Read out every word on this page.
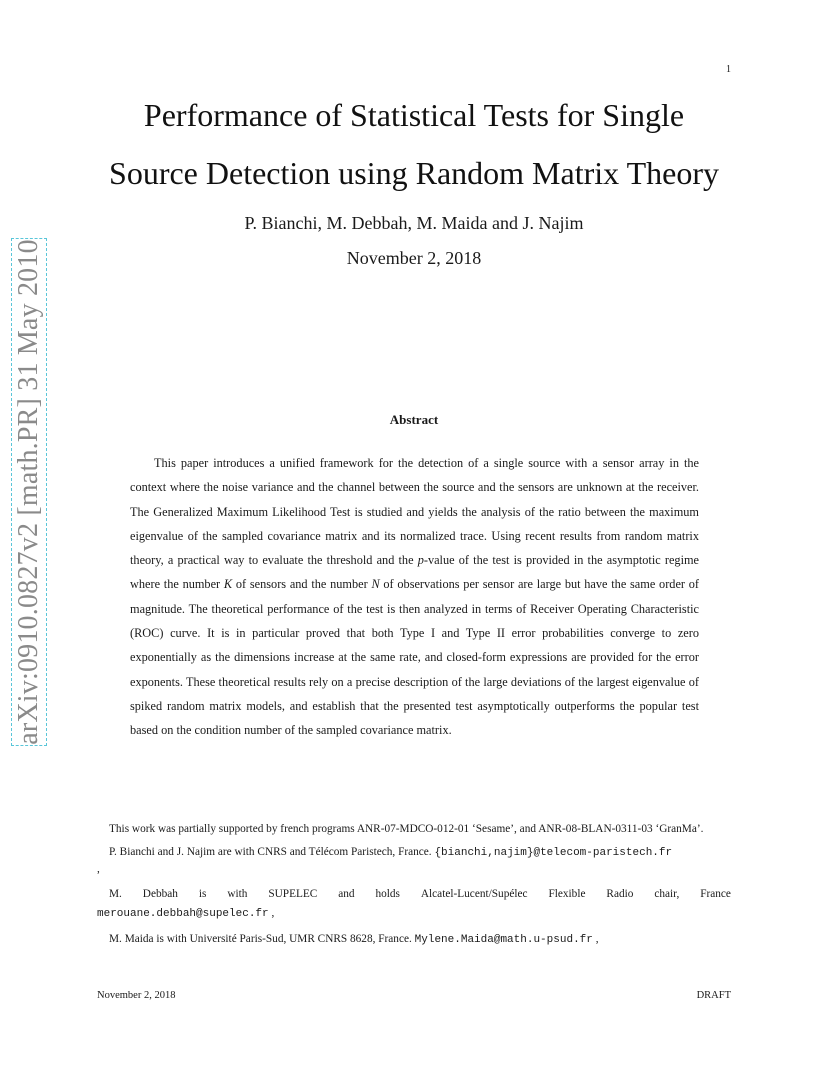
1
Performance of Statistical Tests for Single
Source Detection using Random Matrix Theory
P. Bianchi, M. Debbah, M. Maida and J. Najim
November 2, 2018
arXiv:0910.0827v2 [math.PR] 31 May 2010	Abstract
This paper introduces a unified framework for the detection of a single source with a sensor array in the context where the noise variance and the channel between the source and the sensors are unknown at the receiver. The Generalized Maximum Likelihood Test is studied and yields the analysis of the ratio between the maximum eigenvalue of the sampled covariance matrix and its normalized trace. Using recent results from random matrix theory, a practical way to evaluate the threshold and the p-value of the test is provided in the asymptotic regime where the number K of sensors and the number N of observations per sensor are large but have the same order of magnitude. The theoretical performance of the test is then analyzed in terms of Receiver Operating Characteristic (ROC) curve. It is in particular proved that both Type I and Type II error probabilities converge to zero exponentially as the dimensions increase at the same rate, and closed-form expressions are provided for the error exponents. These theoretical results rely on a precise description of the large deviations of the largest eigenvalue of spiked random matrix models, and establish that the presented test asymptotically outperforms the popular test based on the condition number of the sampled covariance matrix.

This work was partially supported by french programs ANR-07-MDCO-012-01 ‘Sesame’, and ANR-08-BLAN-0311-03 ‘GranMa’.

P. Bianchi and J. Najim are with CNRS and Télécom Paristech, France. {bianchi,najim}@telecom-paristech.fr

,

M. Debbah is with SUPELEC and holds Alcatel-Lucent/Supélec Flexible Radio chair, France

merouane.debbah@supelec.fr ,

M. Maida is with Université Paris-Sud, UMR CNRS 8628, France. Mylene.Maida@math.u-psud.fr ,

November 2, 2018	DRAFT
